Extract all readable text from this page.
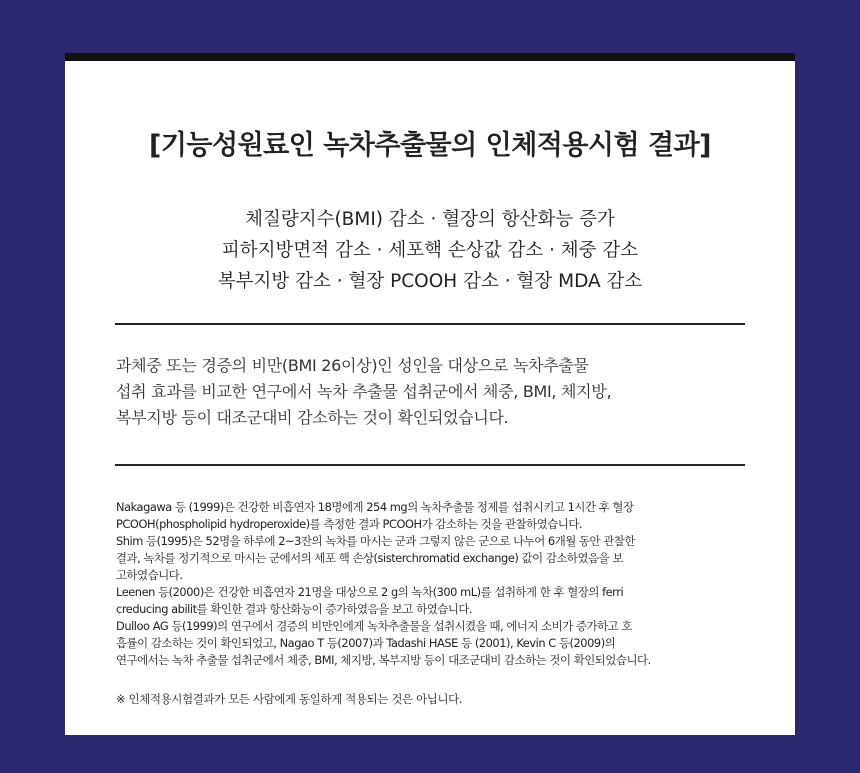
[기능성원료인 녹차추출물의 인체적용시험 결과]
체질량지수(BMI) 감소 · 혈장의 항산화능 증가
피하지방면적 감소 · 세포핵 손상값 감소 · 체중 감소
복부지방 감소 · 혈장 PCOOH 감소 · 혈장 MDA 감소
과체중 또는 경증의 비만(BMI 26이상)인 성인을 대상으로 녹차추출물
섭취 효과를 비교한 연구에서 녹차 추출물 섭취군에서 체중, BMI, 체지방,
복부지방 등이 대조군대비 감소하는 것이 확인되었습니다.
Nakagawa 등 (1999)은 건강한 비흡연자 18명에게 254 mg의 녹차추출물 정제를 섭취시키고 1시간 후 혈장
PCOOH(phospholipid hydroperoxide)를 측정한 결과 PCOOH가 감소하는 것을 관찰하였습니다.
Shim 등(1995)은 52명을 하루에 2~3잔의 녹차를 마시는 군과 그렇지 않은 군으로 나누어 6개월 동안 관찰한
결과, 녹차를 정기적으로 마시는 군에서의 세포 핵 손상(sisterchromatid exchange) 값이 감소하였음을 보
고하였습니다.
Leenen 등(2000)은 건강한 비흡연자 21명을 대상으로 2 g의 녹차(300 mL)를 섭취하게 한 후 혈장의 ferri
creducing abilit를 확인한 결과 항산화능이 증가하였음을 보고 하였습니다.
Dulloo AG 등(1999)의 연구에서 경증의 비만인에게 녹차추출물을 섭취시켰을 때, 에너지 소비가 증가하고 호
흡률이 감소하는 것이 확인되었고, Nagao T 등(2007)과 Tadashi HASE 등 (2001), Kevin C 등(2009)의
연구에서는 녹차 추출물 섭취군에서 체중, BMI, 체지방, 복부지방 등이 대조군대비 감소하는 것이 확인되었습니다.
※ 인체적용시험결과가 모든 사람에게 동일하게 적용되는 것은 아닙니다.
